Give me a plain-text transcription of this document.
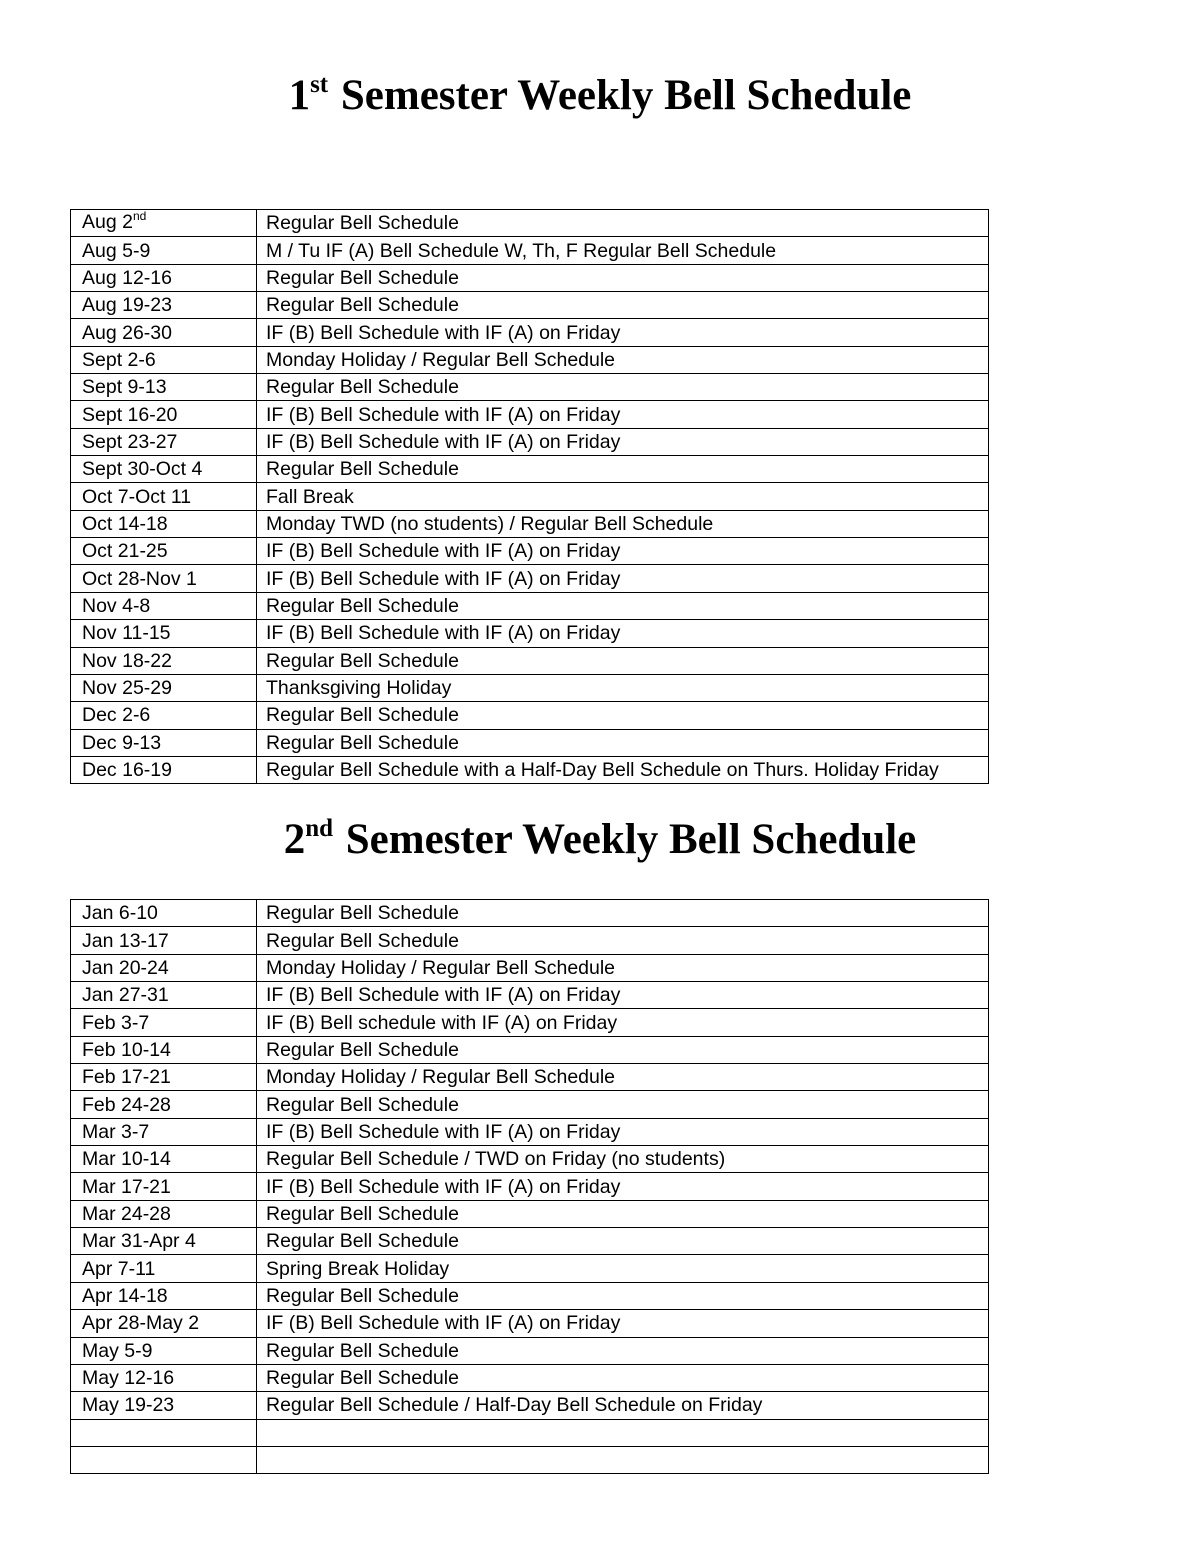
1st Semester Weekly Bell Schedule
Aug 2nd	Regular Bell Schedule
Aug 5-9	M / Tu IF (A) Bell Schedule W, Th, F Regular Bell Schedule
Aug 12-16	Regular Bell Schedule
Aug 19-23	Regular Bell Schedule
Aug 26-30	IF (B) Bell Schedule with IF (A) on Friday
Sept 2-6	Monday Holiday / Regular Bell Schedule
Sept 9-13	Regular Bell Schedule
Sept 16-20	IF (B) Bell Schedule with IF (A) on Friday
Sept 23-27	IF (B) Bell Schedule with IF (A) on Friday
Sept 30-Oct 4	Regular Bell Schedule
Oct 7-Oct 11	Fall Break
Oct 14-18	Monday TWD (no students) / Regular Bell Schedule
Oct 21-25	IF (B) Bell Schedule with IF (A) on Friday
Oct 28-Nov 1	IF (B) Bell Schedule with IF (A) on Friday
Nov 4-8	Regular Bell Schedule
Nov 11-15	IF (B) Bell Schedule with IF (A) on Friday
Nov 18-22	Regular Bell Schedule
Nov 25-29	Thanksgiving Holiday
Dec 2-6	Regular Bell Schedule
Dec 9-13	Regular Bell Schedule
Dec 16-19	Regular Bell Schedule with a Half-Day Bell Schedule on Thurs. Holiday Friday
2nd Semester Weekly Bell Schedule
Jan 6-10	Regular Bell Schedule
Jan 13-17	Regular Bell Schedule
Jan 20-24	Monday Holiday / Regular Bell Schedule
Jan 27-31	IF (B) Bell Schedule with IF (A) on Friday
Feb 3-7	IF (B) Bell schedule with IF (A) on Friday
Feb 10-14	Regular Bell Schedule
Feb 17-21	Monday Holiday / Regular Bell Schedule
Feb 24-28	Regular Bell Schedule
Mar 3-7	IF (B) Bell Schedule with IF (A) on Friday
Mar 10-14	Regular Bell Schedule / TWD on Friday (no students)
Mar 17-21	IF (B) Bell Schedule with IF (A) on Friday
Mar 24-28	Regular Bell Schedule
Mar 31-Apr 4	Regular Bell Schedule
Apr 7-11	Spring Break Holiday
Apr 14-18	Regular Bell Schedule
Apr 28-May 2	IF (B) Bell Schedule with IF (A) on Friday
May 5-9	Regular Bell Schedule
May 12-16	Regular Bell Schedule
May 19-23	Regular Bell Schedule / Half-Day Bell Schedule on Friday
